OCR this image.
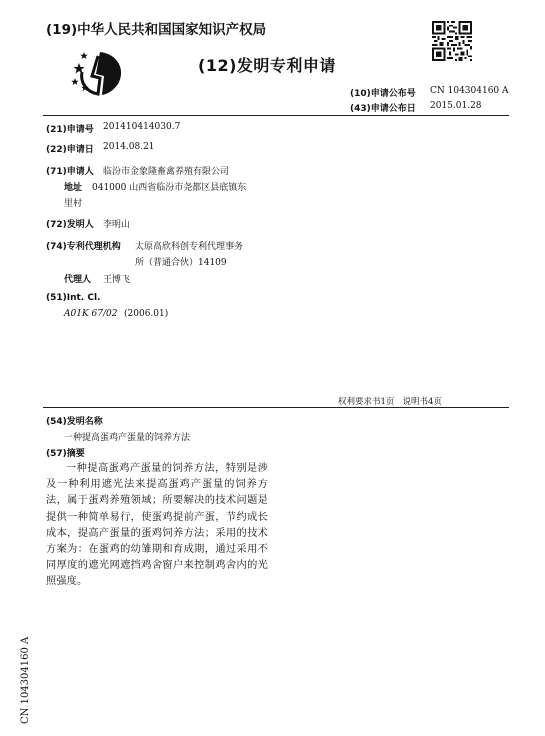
(19)中华人民共和国国家知识产权局
(12)发明专利申请
(10)申请公布号 CN 104304160 A
(43)申请公布日 2015.01.28
(21)申请号 201410414030.7
(22)申请日 2014.08.21
(71)申请人 临汾市金象隆畜禽养殖有限公司
地址 041000 山西省临汾市尧都区县底镇东
里村
(72)发明人 李明山
(74)专利代理机构 太原高欣科创专利代理事务
所（普通合伙）14109
代理人 王博飞
(51)Int. Cl.
A01K 67/02 (2006.01)
权利要求书1页   说明书4页
(54)发明名称
一种提高蛋鸡产蛋量的饲养方法
(57)摘要
一种提高蛋鸡产蛋量的饲养方法，特别是涉及一种利用遮光法来提高蛋鸡产蛋量的饲养方法，属于蛋鸡养殖领域；所要解决的技术问题是提供一种简单易行，使蛋鸡提前产蛋，节约成长成本，提高产蛋量的蛋鸡饲养方法；采用的技术方案为：在蛋鸡的幼雏期和育成期，通过采用不同厚度的遮光网遮挡鸡舍窗户来控制鸡舍内的光照强度。
CN 104304160 A
